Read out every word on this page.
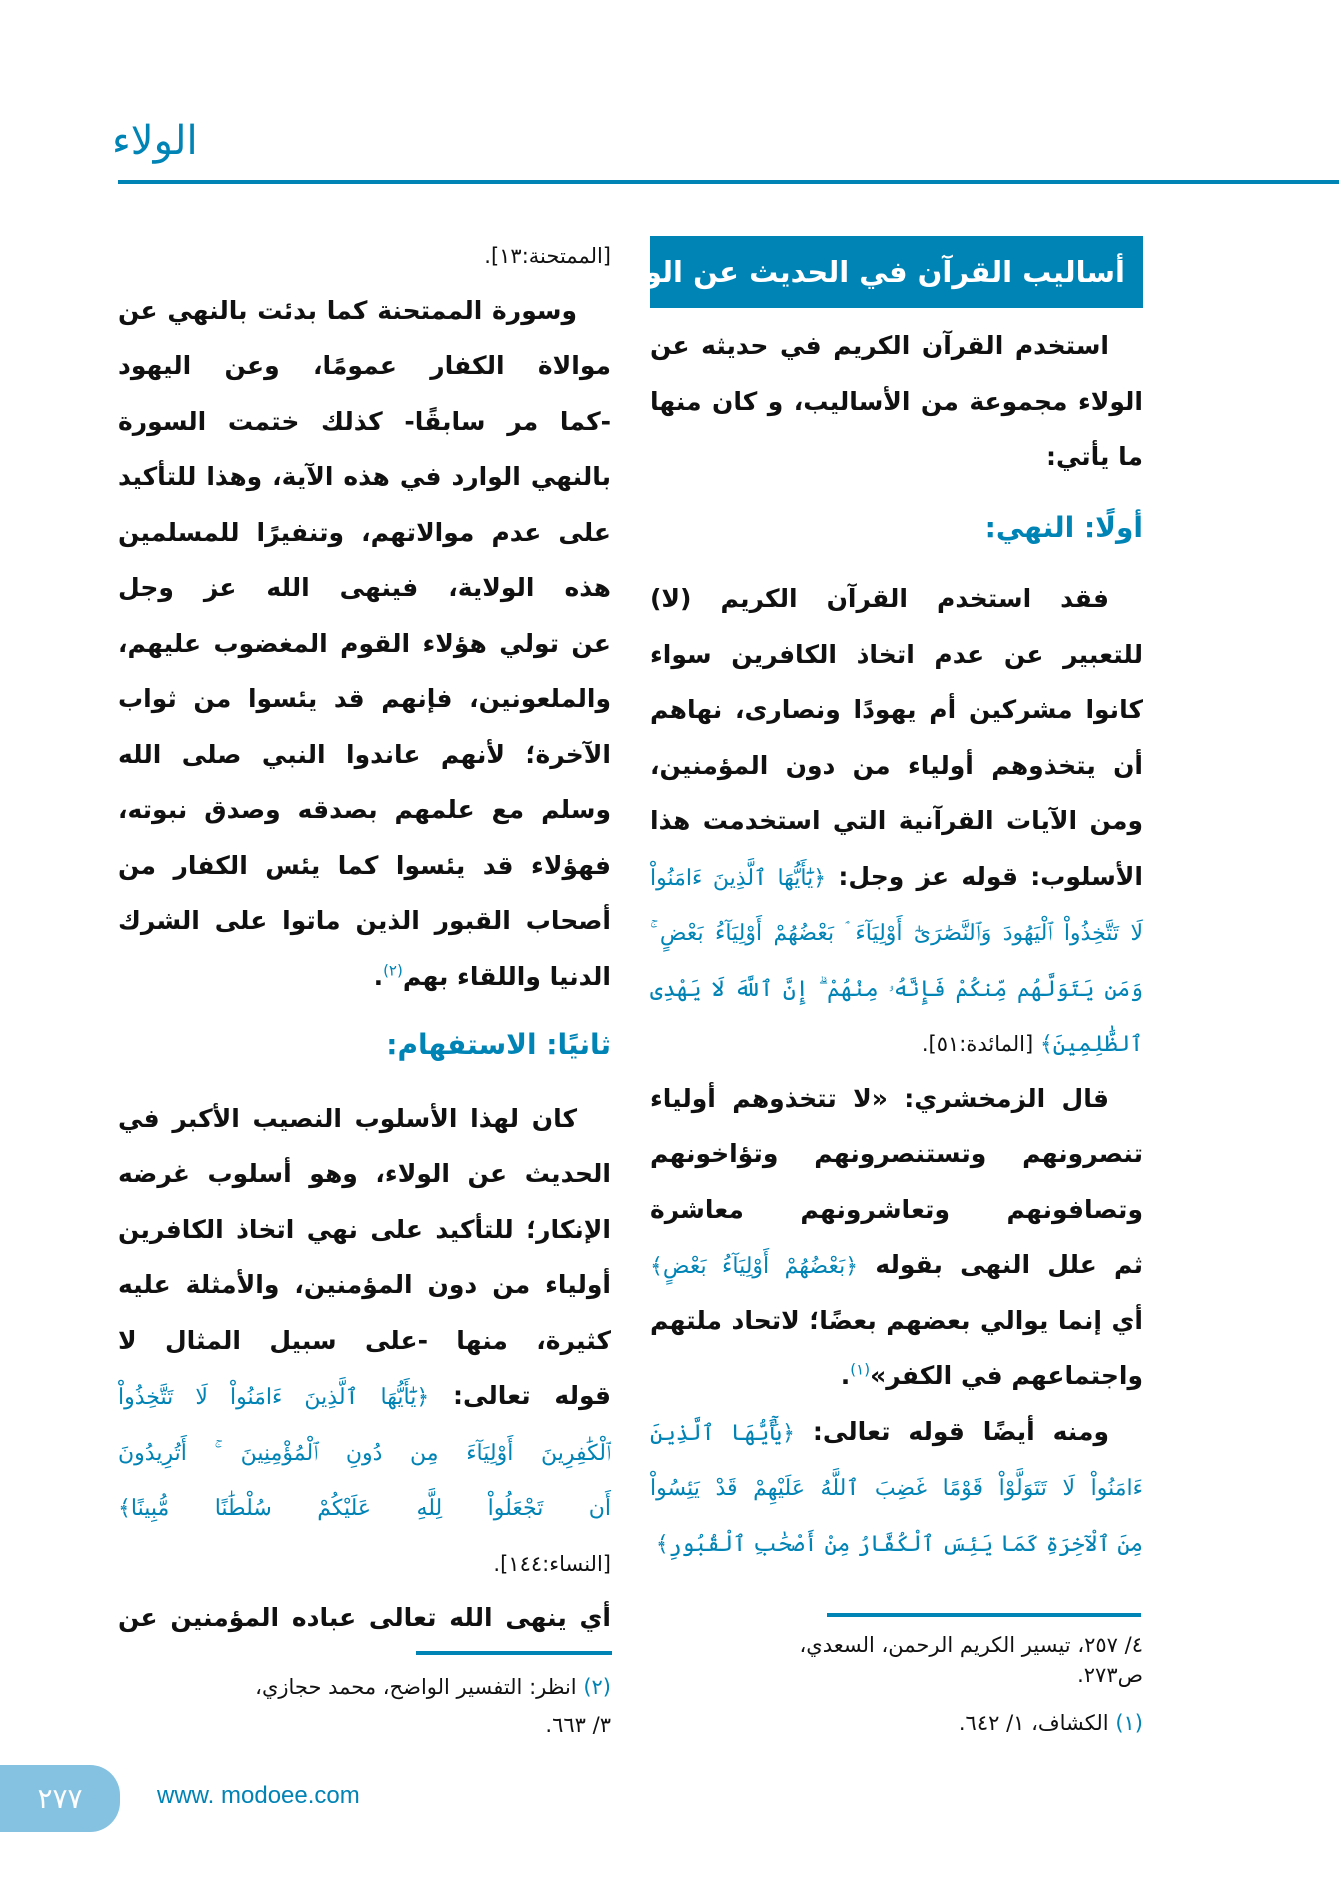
الولاء
أساليب القرآن في الحديث عن الولاء
استخدم القرآن الكريم في حديثه عن
الولاء مجموعة من الأساليب، و كان منها
ما يأتي:
أولًا: النهي:
فقد استخدم القرآن الكريم (لا)
للتعبير عن عدم اتخاذ الكافرين سواء
كانوا مشركين أم يهودًا ونصارى، نهاهم
أن يتخذوهم أولياء من دون المؤمنين،
ومن الآيات القرآنية التي استخدمت هذا
الأسلوب: قوله عز وجل: ﴿يَٰٓأَيُّهَا ٱلَّذِينَ ءَامَنُواْ
لَا تَتَّخِذُواْ ٱلْيَهُودَ وَٱلنَّصَٰرَىٰٓ أَوْلِيَآءَ ۘ بَعْضُهُمْ أَوْلِيَآءُ بَعْضٍ ۚ
وَمَن يَتَوَلَّهُم مِّنكُمْ فَإِنَّهُۥ مِنْهُمْ ۗ إِنَّ ٱللَّهَ لَا يَهْدِى
ٱلظَّٰلِمِينَ﴾ [المائدة:٥١].
قال الزمخشري: «لا تتخذوهم أولياء
تنصرونهم وتستنصرونهم وتؤاخونهم
وتصافونهم وتعاشرونهم معاشرة
ثم علل النهى بقوله ﴿بَعْضُهُمْ أَوْلِيَآءُ بَعْضٍ﴾
أي إنما يوالي بعضهم بعضًا؛ لاتحاد ملتهم
واجتماعهم في الكفر»$^{(١)}$.
ومنه أيضًا قوله تعالى: ﴿يَٰٓأَيُّهَا ٱلَّذِينَ
ءَامَنُواْ لَا تَتَوَلَّوْاْ قَوْمًا غَضِبَ ٱللَّهُ عَلَيْهِمْ قَدْ يَئِسُواْ
مِنَ ٱلْآخِرَةِ كَمَا يَئِسَ ٱلْكُفَّارُ مِنْ أَصْحَٰبِ ٱلْقُبُورِ﴾
[الممتحنة:١٣].
وسورة الممتحنة كما بدئت بالنهي عن
موالاة الكفار عمومًا، وعن اليهود
-كما مر سابقًا- كذلك ختمت السورة
بالنهي الوارد في هذه الآية، وهذا للتأكيد
على عدم موالاتهم، وتنفيرًا للمسلمين
هذه الولاية، فينهى الله عز وجل
عن تولي هؤلاء القوم المغضوب عليهم،
والملعونين، فإنهم قد يئسوا من ثواب
الآخرة؛ لأنهم عاندوا النبي صلى الله
وسلم مع علمهم بصدقه وصدق نبوته،
فهؤلاء قد يئسوا كما يئس الكفار من
أصحاب القبور الذين ماتوا على الشرك
الدنيا واللقاء بهم$^{(٢)}$.
ثانيًا: الاستفهام:
كان لهذا الأسلوب النصيب الأكبر في
الحديث عن الولاء، وهو أسلوب غرضه
الإنكار؛ للتأكيد على نهي اتخاذ الكافرين
أولياء من دون المؤمنين، والأمثلة عليه
كثيرة، منها -على سبيل المثال لا
قوله تعالى: ﴿يَٰٓأَيُّهَا ٱلَّذِينَ ءَامَنُواْ لَا تَتَّخِذُواْ
ٱلْكَٰفِرِينَ أَوْلِيَآءَ مِن دُونِ ٱلْمُؤْمِنِينَ ۚ أَتُرِيدُونَ
أَن تَجْعَلُواْ لِلَّهِ عَلَيْكُمْ سُلْطَٰنًا مُّبِينًا﴾
[النساء:١٤٤].
أي ينهى الله تعالى عباده المؤمنين عن
٤/ ٢٥٧، تيسير الكريم الرحمن، السعدي،
ص٢٧٣.
(١) الكشاف، ١/ ٦٤٢.
(٢) انظر: التفسير الواضح، محمد حجازي،
٣/ ٦٦٣.
٢٧٧	www. modoee.com
